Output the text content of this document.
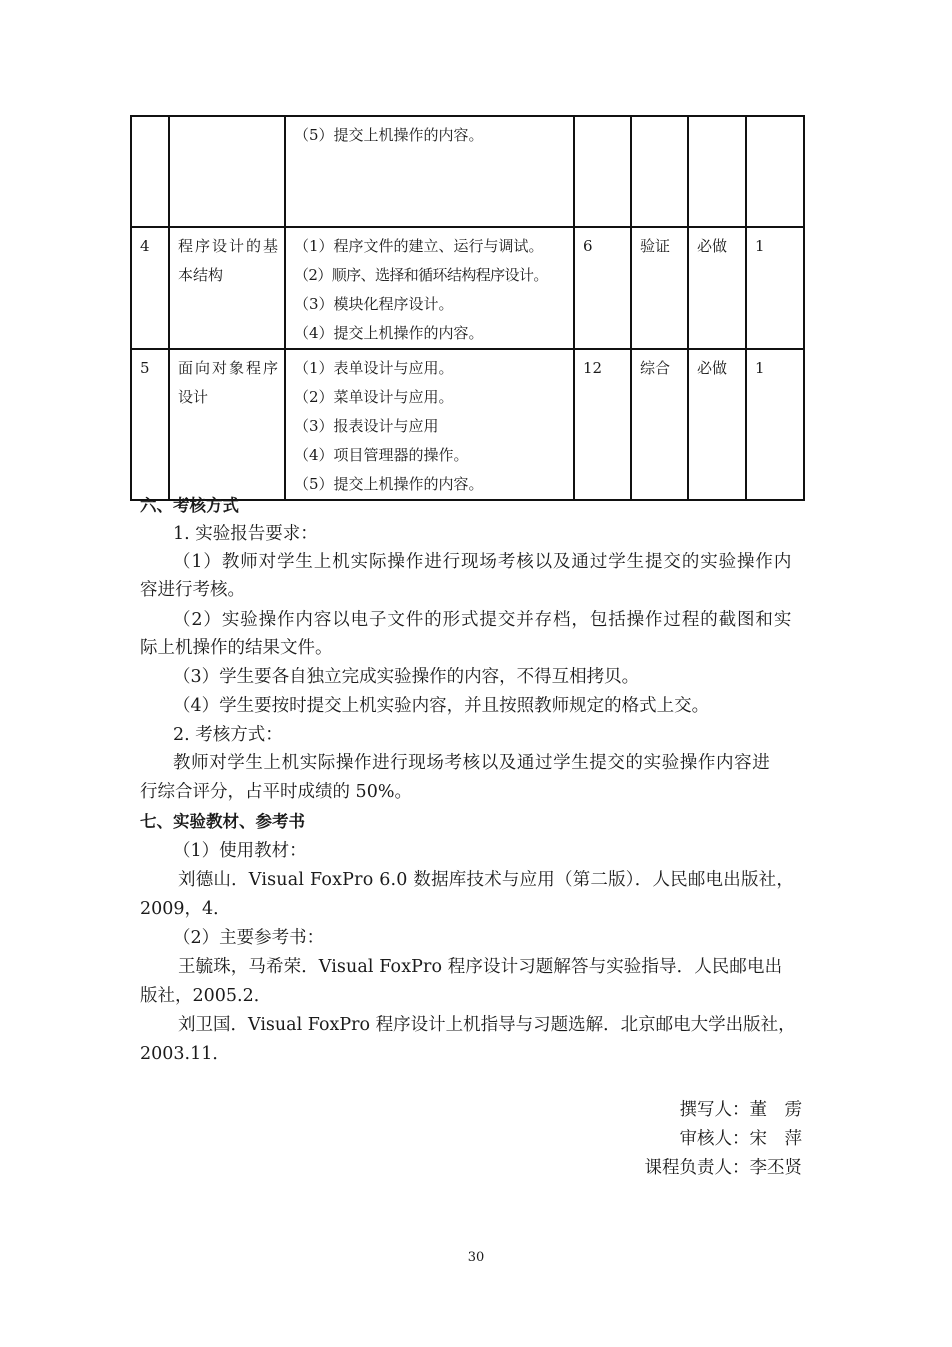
		（5）提交上机操作的内容。				

4	程序设计的基本结构	（1）程序文件的建立、运行与调试。
（2）顺序、选择和循环结构程序设计。
（3）模块化程序设计。
（4）提交上机操作的内容。	6	验证	必做	1
5	面向对象程序设计	（1）表单设计与应用。
（2）菜单设计与应用。
（3）报表设计与应用
（4）项目管理器的操作。
（5）提交上机操作的内容。	12	综合	必做	1
六、考核方式
1. 实验报告要求：
（1）教师对学生上机实际操作进行现场考核以及通过学生提交的实验操作内
容进行考核。
（2）实验操作内容以电子文件的形式提交并存档，包括操作过程的截图和实
际上机操作的结果文件。
（3）学生要各自独立完成实验操作的内容，不得互相拷贝。
（4）学生要按时提交上机实验内容，并且按照教师规定的格式上交。
2. 考核方式：
教师对学生上机实际操作进行现场考核以及通过学生提交的实验操作内容进
行综合评分，占平时成绩的 50%。
七、实验教材、参考书
（1）使用教材：
刘德山．Visual FoxPro 6.0 数据库技术与应用（第二版）．人民邮电出版社，
2009，4．
（2）主要参考书：
王毓珠，马希荣．Visual FoxPro 程序设计习题解答与实验指导．人民邮电出
版社，2005.2．
刘卫国．Visual FoxPro 程序设计上机指导与习题选解．北京邮电大学出版社，
2003.11．
撰写人：董　雳
审核人：宋　萍
课程负责人：李丕贤
30
